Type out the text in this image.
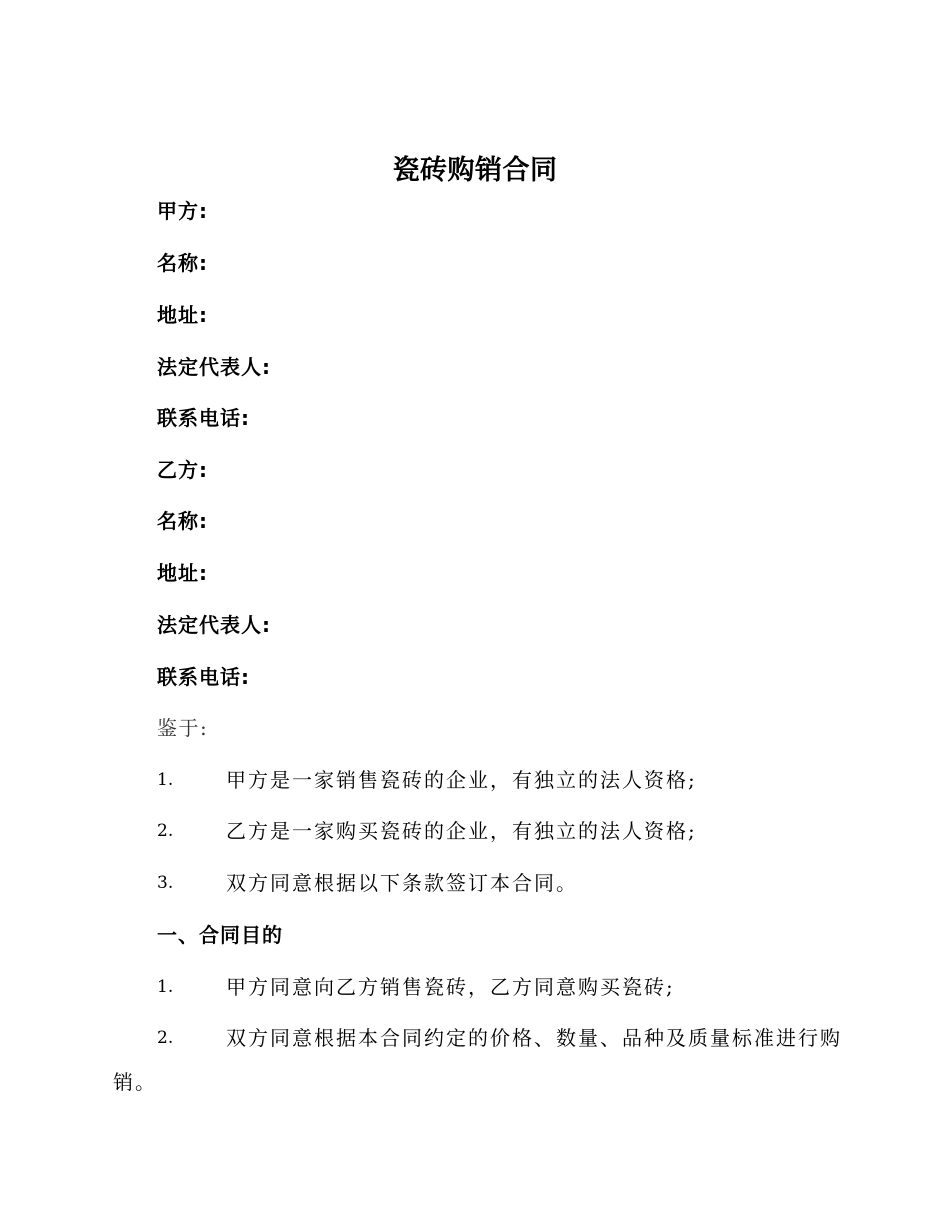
瓷砖购销合同
甲方:
名称:
地址:
法定代表人:
联系电话:
乙方:
名称:
地址:
法定代表人:
联系电话:
鉴于:
1.	甲方是一家销售瓷砖的企业，有独立的法人资格;
2.	乙方是一家购买瓷砖的企业，有独立的法人资格;
3.	双方同意根据以下条款签订本合同。
一、合同目的
1.	甲方同意向乙方销售瓷砖，乙方同意购买瓷砖;
2.	双方同意根据本合同约定的价格、数量、品种及质量标准进行购
销。
